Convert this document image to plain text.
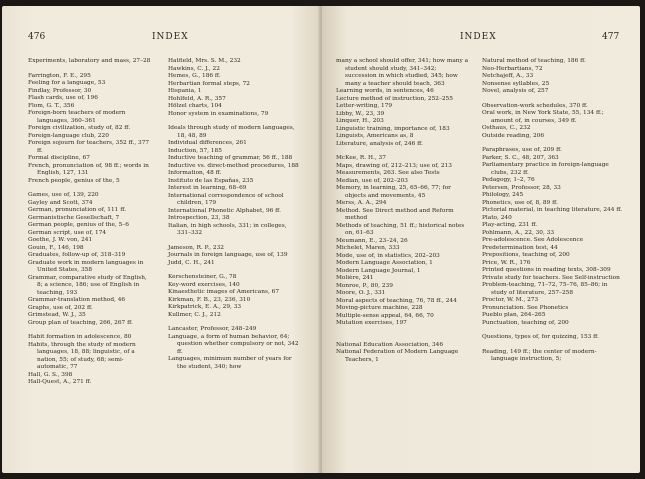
476	INDEX
Experiments, laboratory and mass, 27–28
Farrington, F. E., 295
Feeling for a language, 53
Findlay, Professor, 30
Flash cards, use of, 196
Flom, G. T., 356
Foreign-born teachers of modern languages, 360–361
Foreign civilization, study of, 82 ff.
Foreign-language club, 220
Foreign sojourn for teachers, 352 ff., 377 ff.
Formal discipline, 67
French, pronunciation of, 98 ff.; words in English, 127, 131
French people, genius of the, 5
Games, use of, 139, 220
Gayley and Scott, 374
German, pronunciation of, 111 ff.
Germanistische Gesellschaft, 7
German people, genius of the, 5–6
German script, use of, 174
Goethe, J. W. von, 241
Gouin, F., 146, 198
Graduates, follow-up of, 318–319
Graduate work in modern languages in United States, 358
Grammar, comparative study of English, 8; a science, 186; use of English in teaching, 193
Grammar-translation method, 46
Graphs, use of, 202 ff.
Grimstead, W. J., 35
Group plan of teaching, 266, 267 ff.
Habit formation in adolescence, 80
Habits, through the study of modern languages, 18, 88; linguistic, of a nation, 55; of study, 68; semi-automatic, 77
Hall, G. S., 398
Hall-Quest, A., 271 ff.
Hatfield, Mrs. S. M., 232
Hawkins, C. J., 22
Hemes, G., 186 ff.
Herbartian formal steps, 72
Hispania, 1
Hohlfeld, A. R., 357
Hölzel charts, 104
Honor system in examinations, 79
Ideals through study of modern languages, 18, 48, 89
Individual differences, 261
Induction, 57, 185
Inductive teaching of grammar, 56 ff., 188
Inductive vs. direct-method procedures, 188
Information, 48 ff.
Instituto de las Españas, 235
Interest in learning, 68–69
International correspondence of school children, 179
International Phonetic Alphabet, 96 ff.
Introspection, 23, 38
Italian, in high schools, 331; in colleges, 331–332
Jameson, R. P., 232
Journals in foreign language, use of, 139
Judd, C. H., 241
Kerschensteiner, G., 78
Key-word exercises, 140
Kinaesthetic images of Americans, 67
Kirkman, F. B., 23, 236, 310
Kirkpatrick, E. A., 29, 33
Kullmer, C. J., 212
Lancaster, Professor, 248–249
Language, a form of human behavior, 64; question whether compulsory or not, 342 ff.
Languages, minimum number of years for the student, 340; how
INDEX	477
many a school should offer, 341; how many a student should study, 341–342; succession in which studied, 345; how many a teacher should teach, 363
Learning words, in sentences, 46
Lecture method of instruction, 252–255
Letter-writing, 179
Libby, W., 23, 39
Linquer, H., 203
Linguistic training, importance of, 183
Linguists, Americans as, 8
Literature, analysis of, 246 ff.
McKee, R. H., 37
Maps, drawing of, 212–213; use of, 213
Measurements, 263. See also Tests
Median, use of, 202–203
Memory, in learning, 25, 65–66, 77; for objects and movements, 45
Merss, A. A., 294
Method. See Direct method and Reform method
Methods of teaching, 51 ff.; historical notes on, 61–63
Meumann, E., 23–24, 26
Michelet, Maren, 333
Mode, use of, in statistics, 202–203
Modern Language Association, 1
Modern Language Journal, 1
Molière, 241
Monroe, P., 80, 239
Moore, O. J., 331
Moral aspects of teaching, 76, 78 ff., 244
Moving-picture machine, 228
Multiple-sense appeal, 64, 66, 70
Mutation exercises, 197
National Education Association, 346
National Federation of Modern Language Teachers, 1
Natural method of teaching, 186 ff.
Neo-Herbartians, 72
Netchajeff, A., 33
Nonsense syllables, 25
Novel, analysis of, 257
Observation-work schedules, 370 ff.
Oral work, in New York State, 55, 134 ff.; amount of, in courses, 349 ff.
Osthaus, C., 232
Outside reading, 206
Paraphrases, use of, 209 ff.
Parker, S. C., 48, 207, 363
Parliamentary practice in foreign-language clubs, 232 ff.
Pedagogy, 1–2, 76
Petersen, Professor, 28, 33
Philology, 245
Phonetics, use of, 8, 89 ff.
Pictorial material, in teaching literature, 244 ff.
Plato, 240
Play-acting, 231 ff.
Pohlmann, A., 22, 30, 33
Pre-adolescence. See Adolescence
Predetermination test, 44
Prepositions, teaching of, 200
Price, W. R., 176
Printed questions in reading texts, 308–309
Private study for teachers. See Self-instruction
Problem-teaching, 71–72, 75–76, 85–86; in study of literature, 257–258
Proctor, W. M., 273
Pronunciation. See Phonetics
Pueblo plan, 264–265
Punctuation, teaching of, 200
Questions, types of, for quizzing, 153 ff.
Reading, 149 ff.; the center of modern-language instruction, 5;
